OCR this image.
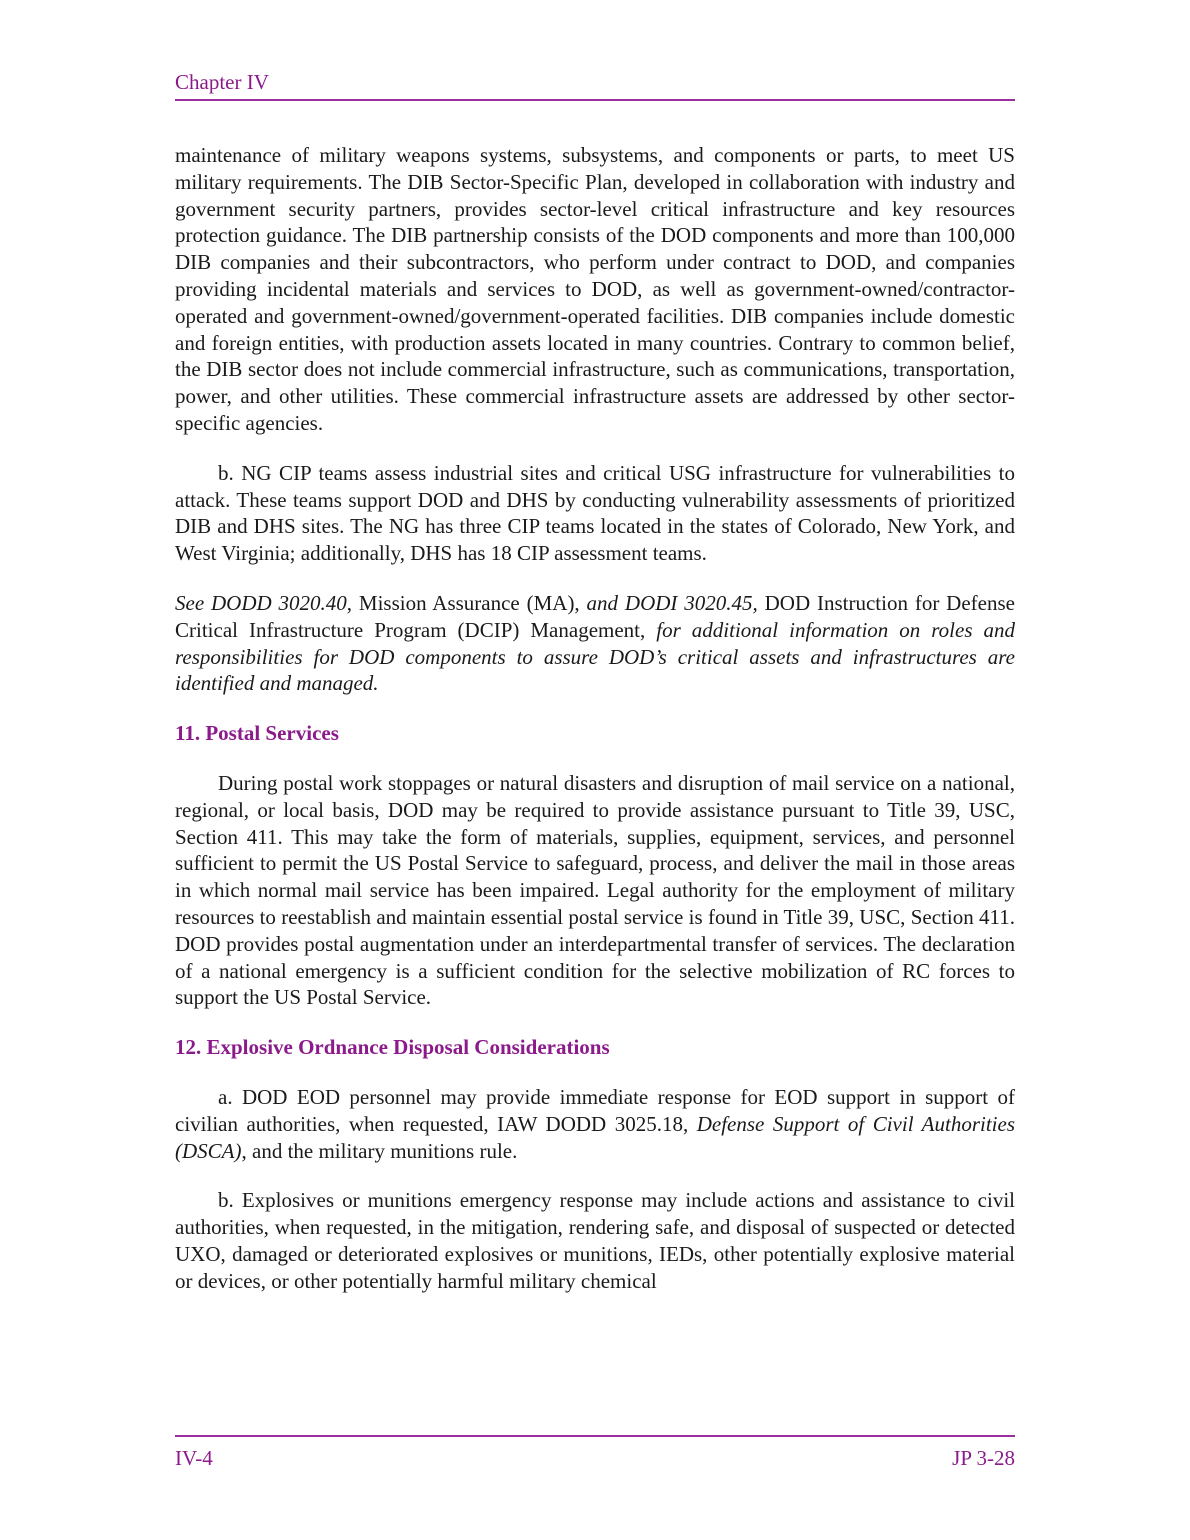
Chapter IV

maintenance of military weapons systems, subsystems, and components or parts, to meet US military requirements. The DIB Sector-Specific Plan, developed in collaboration with industry and government security partners, provides sector-level critical infrastructure and key resources protection guidance. The DIB partnership consists of the DOD components and more than 100,000 DIB companies and their subcontractors, who perform under contract to DOD, and companies providing incidental materials and services to DOD, as well as government-owned/contractor-operated and government-owned/government-operated facilities. DIB companies include domestic and foreign entities, with production assets located in many countries. Contrary to common belief, the DIB sector does not include commercial infrastructure, such as communications, transportation, power, and other utilities. These commercial infrastructure assets are addressed by other sector-specific agencies.

b. NG CIP teams assess industrial sites and critical USG infrastructure for vulnerabilities to attack. These teams support DOD and DHS by conducting vulnerability assessments of prioritized DIB and DHS sites. The NG has three CIP teams located in the states of Colorado, New York, and West Virginia; additionally, DHS has 18 CIP assessment teams.

See DODD 3020.40, Mission Assurance (MA), and DODI 3020.45, DOD Instruction for Defense Critical Infrastructure Program (DCIP) Management, for additional information on roles and responsibilities for DOD components to assure DOD’s critical assets and infrastructures are identified and managed.

11. Postal Services

During postal work stoppages or natural disasters and disruption of mail service on a national, regional, or local basis, DOD may be required to provide assistance pursuant to Title 39, USC, Section 411. This may take the form of materials, supplies, equipment, services, and personnel sufficient to permit the US Postal Service to safeguard, process, and deliver the mail in those areas in which normal mail service has been impaired. Legal authority for the employment of military resources to reestablish and maintain essential postal service is found in Title 39, USC, Section 411. DOD provides postal augmentation under an interdepartmental transfer of services. The declaration of a national emergency is a sufficient condition for the selective mobilization of RC forces to support the US Postal Service.

12. Explosive Ordnance Disposal Considerations

a. DOD EOD personnel may provide immediate response for EOD support in support of civilian authorities, when requested, IAW DODD 3025.18, Defense Support of Civil Authorities (DSCA), and the military munitions rule.

b. Explosives or munitions emergency response may include actions and assistance to civil authorities, when requested, in the mitigation, rendering safe, and disposal of suspected or detected UXO, damaged or deteriorated explosives or munitions, IEDs, other potentially explosive material or devices, or other potentially harmful military chemical

IV-4	JP 3-28
